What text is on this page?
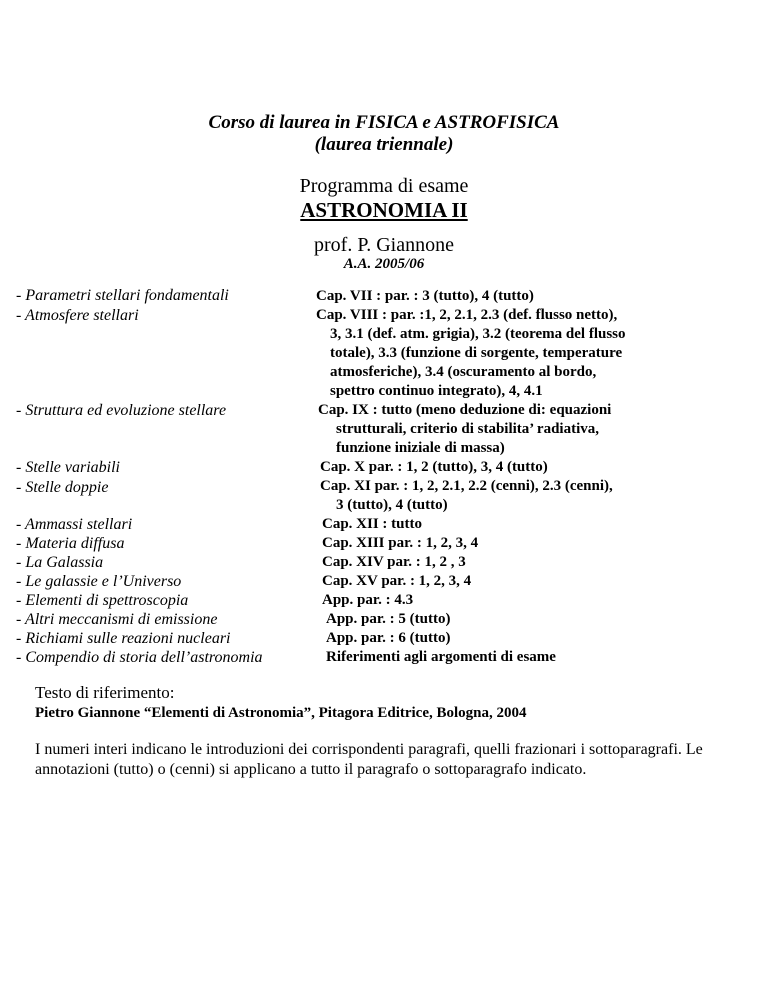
Corso di laurea in FISICA e ASTROFISICA
(laurea triennale)
Programma di esame
ASTRONOMIA II
prof. P. Giannone
A.A. 2005/06
- Parametri stellari fondamentali
- Atmosfere stellari
- Struttura ed evoluzione stellare
- Stelle variabili
- Stelle doppie
- Ammassi stellari
- Materia diffusa
- La Galassia
- Le galassie e l’Universo
- Elementi di spettroscopia
- Altri meccanismi di emissione
- Richiami sulle reazioni nucleari
- Compendio di storia dell’astronomia
Cap. VII : par. : 3 (tutto), 4 (tutto)
Cap. VIII : par. :1, 2, 2.1, 2.3 (def. flusso netto),
3, 3.1 (def. atm. grigia), 3.2 (teorema del flusso
totale), 3.3 (funzione di sorgente, temperature
atmosferiche), 3.4 (oscuramento al bordo,
spettro continuo integrato), 4, 4.1
Cap. IX : tutto (meno deduzione di: equazioni
strutturali, criterio di stabilita’ radiativa,
funzione iniziale di massa)
Cap. X par. : 1, 2 (tutto), 3, 4 (tutto)
Cap. XI par. : 1, 2, 2.1, 2.2 (cenni), 2.3 (cenni),
3 (tutto), 4 (tutto)
Cap. XII : tutto
Cap. XIII par. : 1, 2, 3, 4
Cap. XIV par. : 1, 2 , 3
Cap. XV par. : 1, 2, 3, 4
App. par. : 4.3
App. par. : 5 (tutto)
App. par. : 6 (tutto)
Riferimenti agli argomenti di esame
Testo di riferimento:
Pietro Giannone “Elementi di Astronomia”, Pitagora Editrice, Bologna, 2004
I numeri interi indicano le introduzioni dei corrispondenti paragrafi, quelli frazionari i sottoparagrafi. Le annotazioni (tutto) o (cenni) si applicano a tutto il paragrafo o sottoparagrafo indicato.
